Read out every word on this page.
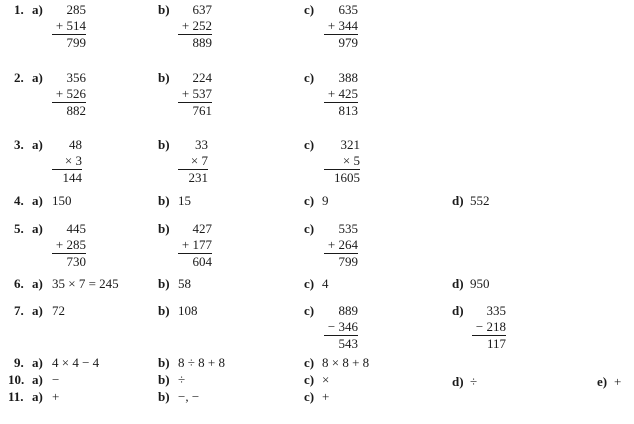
1. a)	285
+ 514
799
b)	637
+ 252
889
c)	635
+ 344
979
2. a)	356
+ 526
882
b)	224
+ 537
761
c)	388
+ 425
813
3. a)	48
× 3
144
b)	33
× 7
231
c)	321
× 5
1605
4. a) 150	b) 15	c) 9	d) 552
5. a)	445
+ 285
730
b)	427
+ 177
604
c)	535
+ 264
799
6. a) 35 × 7 = 245	b) 58	c) 4	d) 950
7. a) 72	b) 108	c)	889
− 346
543
d)	335
− 218
117
9. a) 4 × 4 − 4	b) 8 ÷ 8 + 8	c) 8 × 8 + 8
10. a) −	b) ÷	c) ×	d) ÷	e) +
11. a) +	b) −, −	c) +
